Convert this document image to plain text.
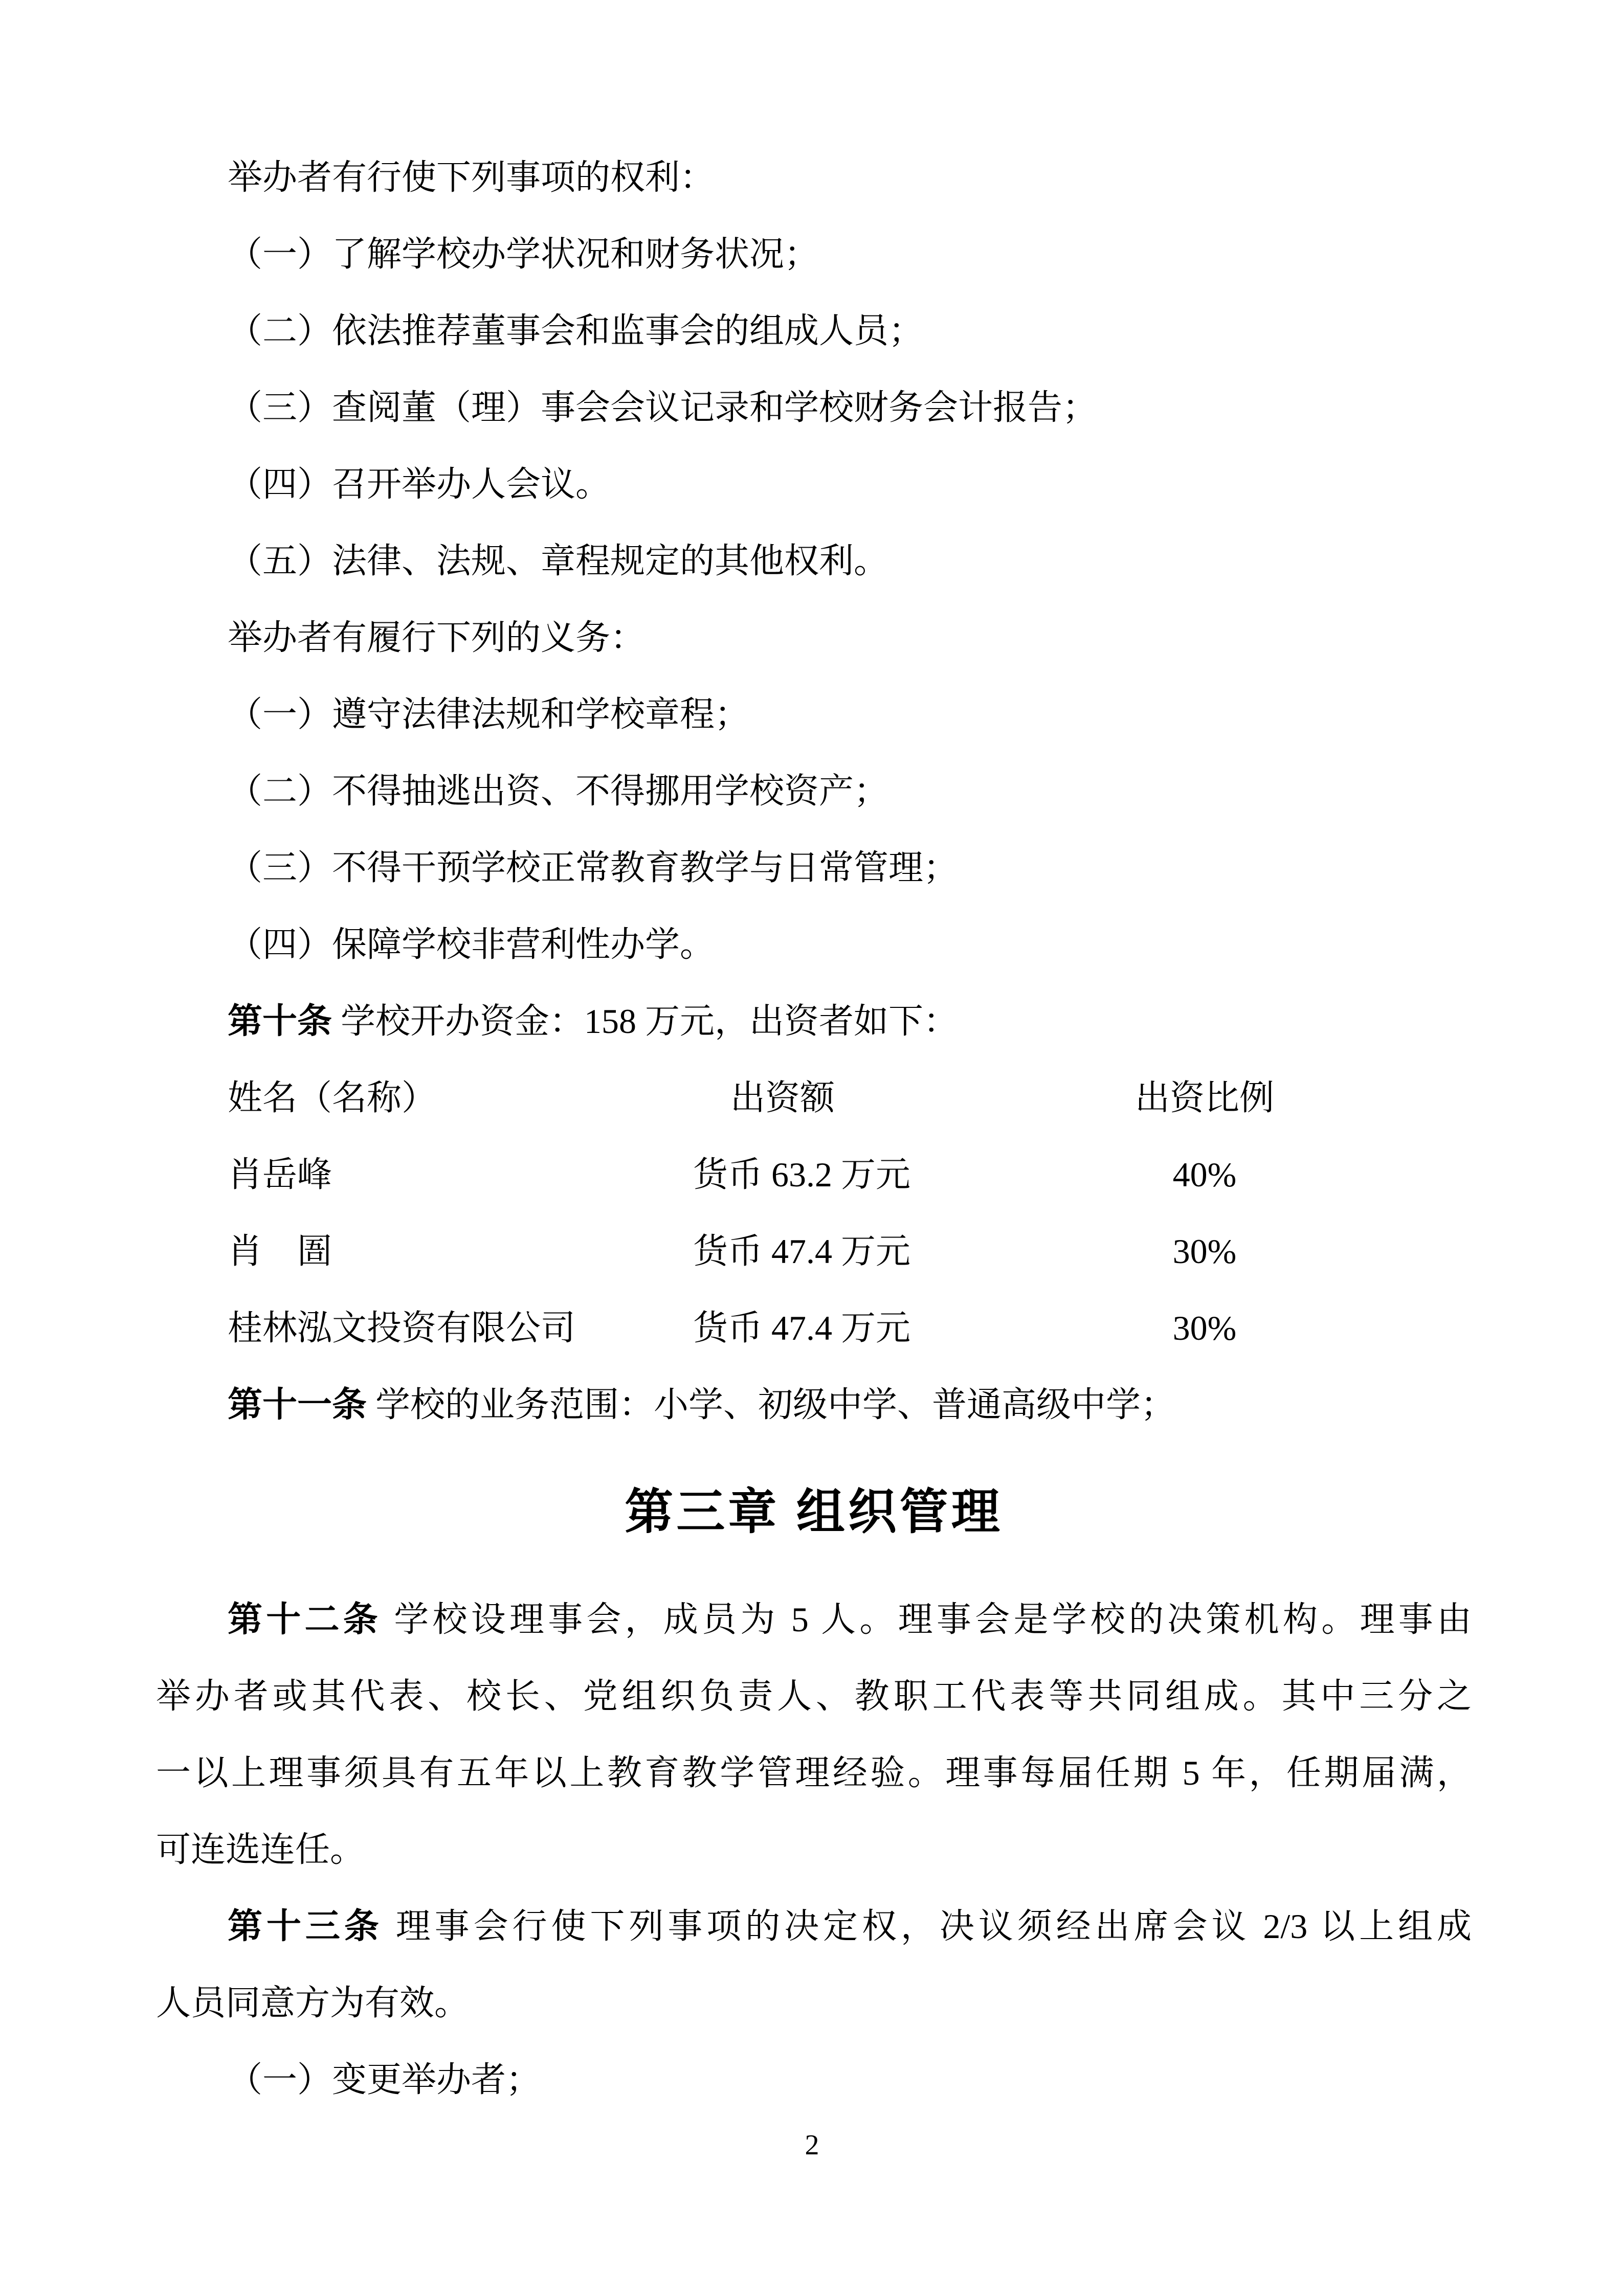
举办者有行使下列事项的权利：
（一）了解学校办学状况和财务状况；
（二）依法推荐董事会和监事会的组成人员；
（三）查阅董（理）事会会议记录和学校财务会计报告；
（四）召开举办人会议。
（五）法律、法规、章程规定的其他权利。
举办者有履行下列的义务：
（一）遵守法律法规和学校章程；
（二）不得抽逃出资、不得挪用学校资产；
（三）不得干预学校正常教育教学与日常管理；
（四）保障学校非营利性办学。
第十条 学校开办资金：158 万元，出资者如下：
姓名（名称）	出资额	出资比例
肖岳峰	货币 63.2 万元	40%
肖　圄	货币 47.4 万元	30%
桂林泓文投资有限公司	货币 47.4 万元	30%
第十一条 学校的业务范围：小学、初级中学、普通高级中学；
第三章 组织管理
第十二条 学校设理事会，成员为 5 人。理事会是学校的决策机构。理事由
举办者或其代表、校长、党组织负责人、教职工代表等共同组成。其中三分之
一以上理事须具有五年以上教育教学管理经验。理事每届任期 5 年，任期届满，
可连选连任。
第十三条 理事会行使下列事项的决定权，决议须经出席会议 2/3 以上组成
人员同意方为有效。
（一）变更举办者；
2
